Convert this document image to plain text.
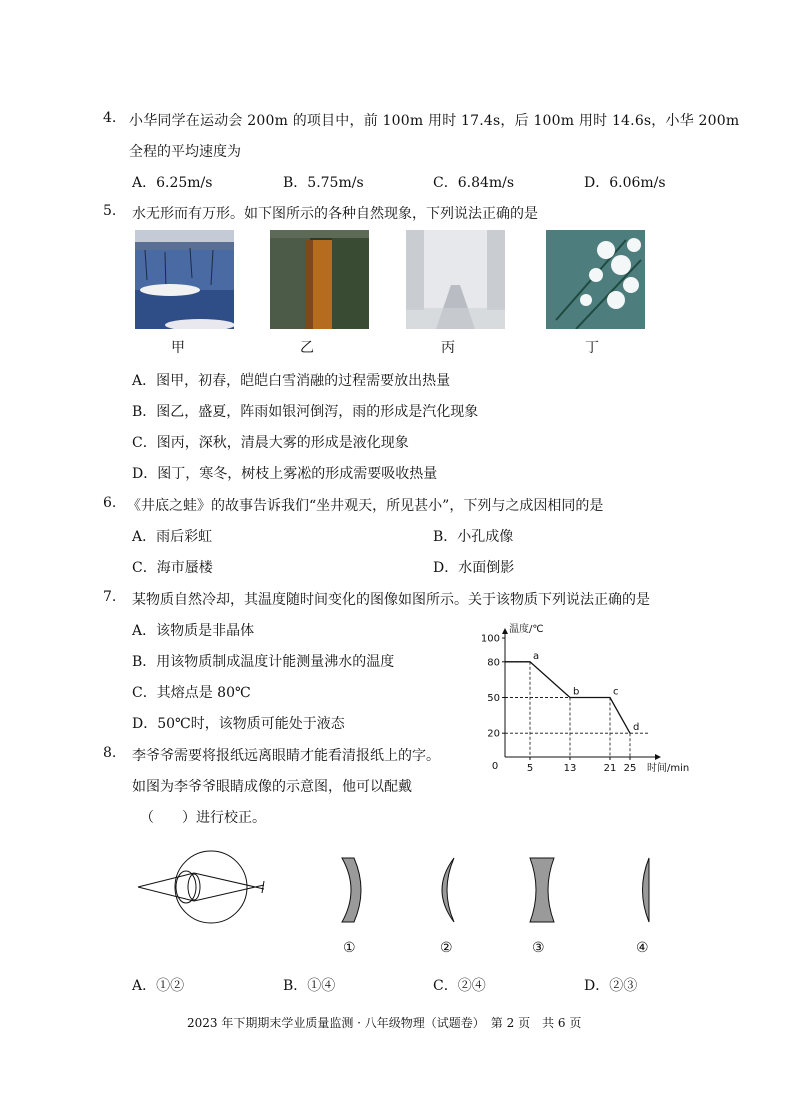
4. 小华同学在运动会 200m 的项目中，前 100m 用时 17.4s，后 100m 用时 14.6s，小华 200m
全程的平均速度为
A．6.25m/s	B．5.75m/s	C．6.84m/s	D．6.06m/s
5. 水无形而有万形。如下图所示的各种自然现象，下列说法正确的是
甲	乙	丙	丁
A．图甲，初春，皑皑白雪消融的过程需要放出热量
B．图乙，盛夏，阵雨如银河倒泻，雨的形成是汽化现象
C．图丙，深秋，清晨大雾的形成是液化现象
D．图丁，寒冬，树枝上雾凇的形成需要吸收热量
6. 《井底之蛙》的故事告诉我们“坐井观天，所见甚小”，下列与之成因相同的是
A．雨后彩虹	B．小孔成像
C．海市蜃楼	D．水面倒影
7. 某物质自然冷却，其温度随时间变化的图像如图所示。关于该物质下列说法正确的是
A．该物质是非晶体
B．用该物质制成温度计能测量沸水的温度
C．其熔点是 80℃
D．50℃时，该物质可能处于液态
20
50
80
100
5	13	21 25
0
温度/℃
时间/min
a
b	c
d
8. 李爷爷需要将报纸远离眼睛才能看清报纸上的字。
如图为李爷爷眼睛成像的示意图，他可以配戴
（　　）进行校正。
①	②	③	④
A．①②	B．①④	C．②④	D．②③
2023 年下期期末学业质量监测 · 八年级物理（试题卷）　第 2 页　共 6 页
